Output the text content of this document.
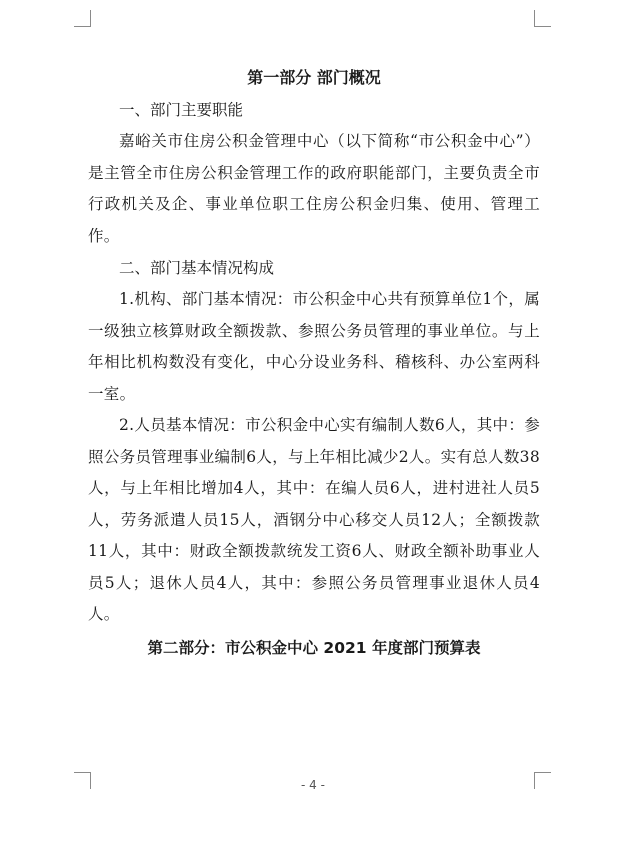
第一部分 部门概况

一、部门主要职能

嘉峪关市住房公积金管理中心（以下简称“市公积金中心”）是主管全市住房公积金管理工作的政府职能部门，主要负责全市行政机关及企、事业单位职工住房公积金归集、使用、管理工作。

二、部门基本情况构成

1.机构、部门基本情况：市公积金中心共有预算单位1个，属一级独立核算财政全额拨款、参照公务员管理的事业单位。与上年相比机构数没有变化，中心分设业务科、稽核科、办公室两科一室。

2.人员基本情况：市公积金中心实有编制人数6人，其中：参照公务员管理事业编制6人，与上年相比减少2人。实有总人数38人，与上年相比增加4人，其中：在编人员6人，进村进社人员5人，劳务派遣人员15人，酒钢分中心移交人员12人；全额拨款11人，其中：财政全额拨款统发工资6人、财政全额补助事业人员5人；退休人员4人，其中：参照公务员管理事业退休人员4人。

第二部分：市公积金中心 2021 年度部门预算表
- 4 -
